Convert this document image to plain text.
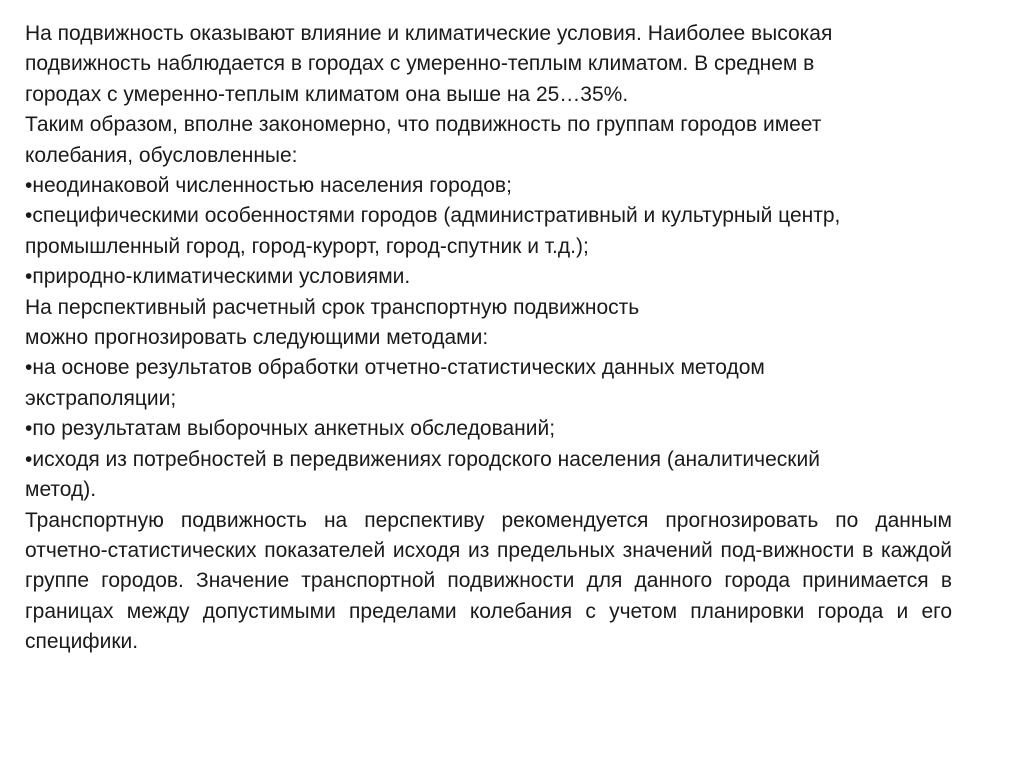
На подвижность оказывают влияние и климатические условия. Наиболее высокая
подвижность наблюдается в городах с умеренно-теплым климатом. В среднем в
городах с умеренно-теплым климатом она выше на 25…35%.
Таким образом, вполне закономерно, что подвижность по группам городов имеет
колебания, обусловленные:
•неодинаковой численностью населения городов;
•специфическими особенностями городов (административный и культурный центр,
промышленный город, город-курорт, город-спутник и т.д.);
•природно-климатическими условиями.
На перспективный расчетный срок транспортную подвижность
можно прогнозировать следующими методами:
•на основе результатов обработки отчетно-статистических данных методом
экстраполяции;
•по результатам выборочных анкетных обследований;
•исходя из потребностей в передвижениях городского населения (аналитический
метод).
Транспортную подвижность на перспективу рекомендуется прогнозировать по данным отчетно-статистических показателей исходя из предельных значений под-вижности в каждой группе городов. Значение транспортной подвижности для данного города принимается в границах между допустимыми пределами колебания с учетом планировки города и его специфики.
